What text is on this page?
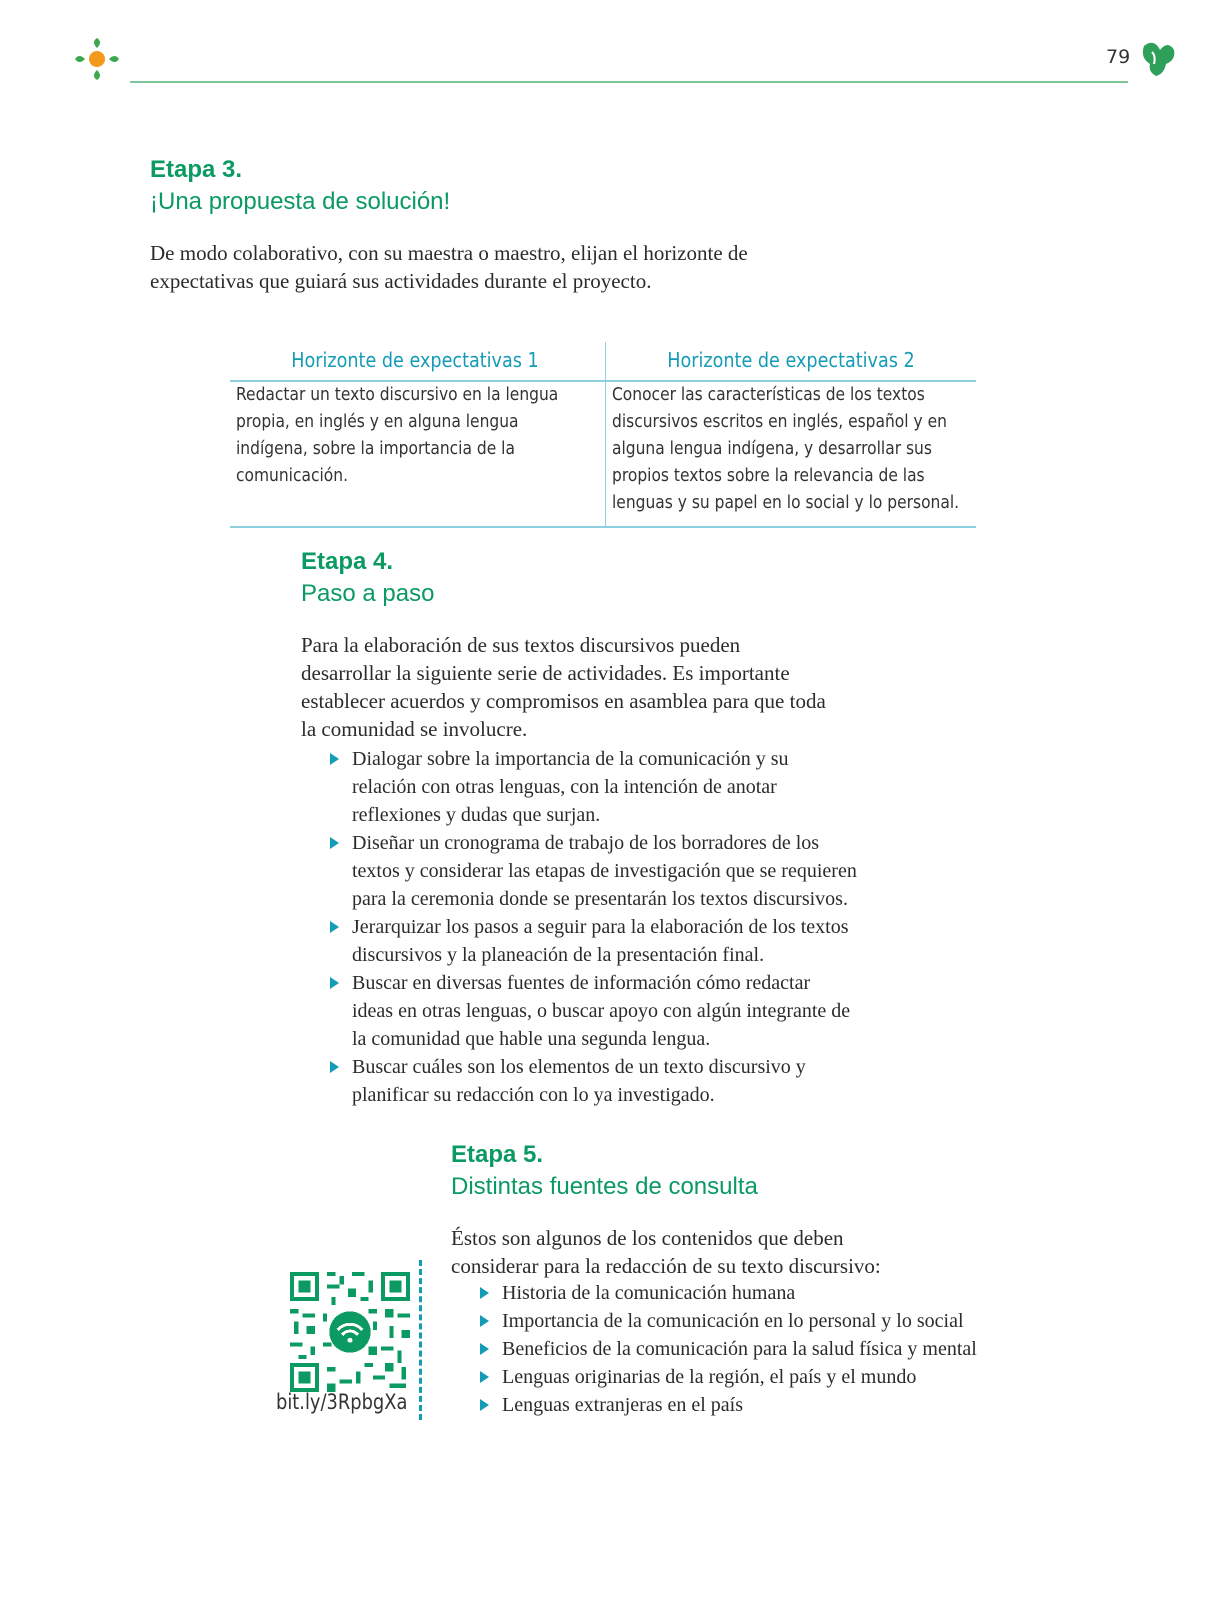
79
Etapa 3.
¡Una propuesta de solución!

De modo colaborativo, con su maestra o maestro, elijan el horizonte de

expectativas que guiará sus actividades durante el proyecto.

Horizonte de expectativas 1
Redactar un texto discursivo en la lengua
propia, en inglés y en alguna lengua
indígena, sobre la importancia de la
comunicación.
Horizonte de expectativas 2
Conocer las características de los textos
discursivos escritos en inglés, español y en
alguna lengua indígena, y desarrollar sus
propios textos sobre la relevancia de las
lenguas y su papel en lo social y lo personal.
Etapa 4.
Paso a paso

Para la elaboración de sus textos discursivos pueden

desarrollar la siguiente serie de actividades. Es importante

establecer acuerdos y compromisos en asamblea para que toda

la comunidad se involucre.

Dialogar sobre la importancia de la comunicación y su
relación con otras lenguas, con la intención de anotar
reflexiones y dudas que surjan.
Diseñar un cronograma de trabajo de los borradores de los
textos y considerar las etapas de investigación que se requieren
para la ceremonia donde se presentarán los textos discursivos.
Jerarquizar los pasos a seguir para la elaboración de los textos
discursivos y la planeación de la presentación final.
Buscar en diversas fuentes de información cómo redactar
ideas en otras lenguas, o buscar apoyo con algún integrante de
la comunidad que hable una segunda lengua.
Buscar cuáles son los elementos de un texto discursivo y
planificar su redacción con lo ya investigado.
Etapa 5.
Distintas fuentes de consulta

Éstos son algunos de los contenidos que deben

considerar para la redacción de su texto discursivo:

Historia de la comunicación humana
Importancia de la comunicación en lo personal y lo social
Beneficios de la comunicación para la salud física y mental
Lenguas originarias de la región, el país y el mundo
Lenguas extranjeras en el país
bit.ly/3RpbgXa
